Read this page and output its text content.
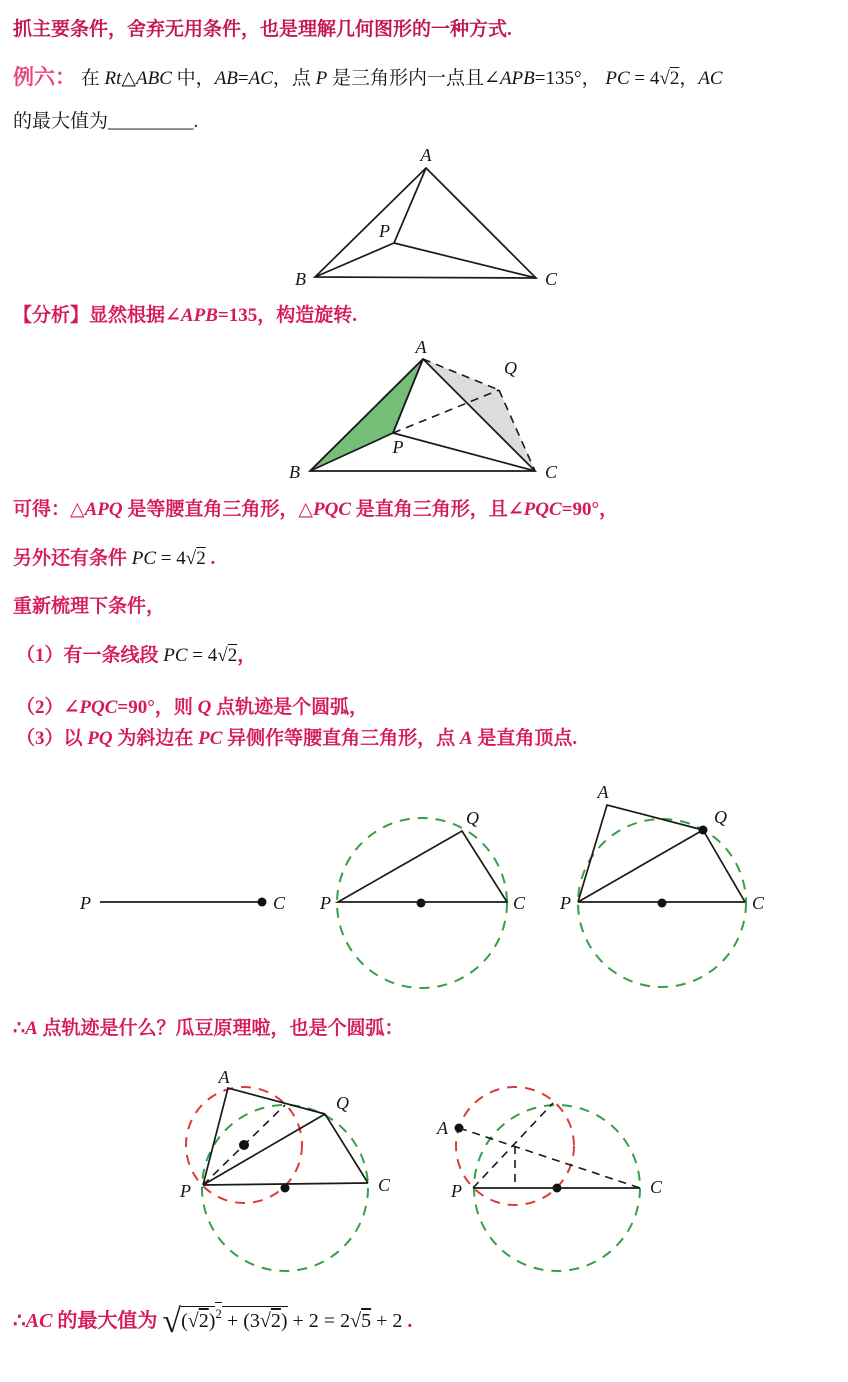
抓主要条件，舍弃无用条件，也是理解几何图形的一种方式.
例六： 在 Rt△ABC 中，AB=AC，点 P 是三角形内一点且∠APB=135°， PC = 4√2，AC
的最大值为_________.
【分析】显然根据∠APB=135，构造旋转.
可得：△APQ 是等腰直角三角形，△PQC 是直角三角形，且∠PQC=90°，
另外还有条件 PC = 4√2 .
重新梳理下条件，
（1）有一条线段 PC = 4√2，
（2）∠PQC=90°，则 Q 点轨迹是个圆弧，
（3）以 PQ 为斜边在 PC 异侧作等腰直角三角形，点 A 是直角顶点.
∴A 点轨迹是什么？瓜豆原理啦，也是个圆弧：
∴AC 的最大值为 $√(√2)^2 + (3√2) + 2 = 2√5 + 2$ .
A
B	C
P
A
B	C
P
Q
P	C P
Q
C
A
P
Q
C
A
P
Q
C
A
P	C
